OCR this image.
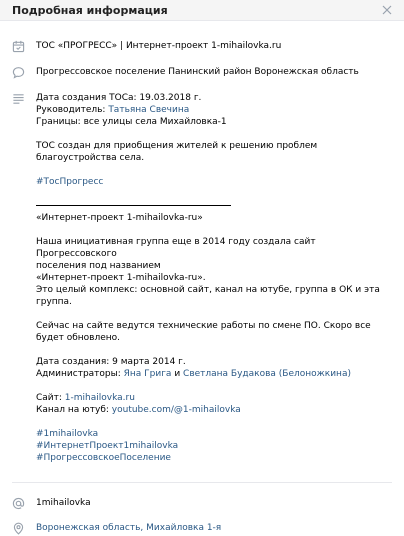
Подробная информация
ТОС «ПРОГРЕСС» | Интернет-проект 1-mihailovka.ru
Прогрессовское поселение Панинский район Воронежская область
Дата создания ТОСа: 19.03.2018 г.
Руководитель: Татьяна Свечина
Границы: все улицы села Михайловка-1
ТОС создан для приобщения жителей к решению проблем благоустройства села.
#ТосПрогресс
«Интернет-проект 1-mihailovka-ru»
Наша инициативная группа еще в 2014 году создала сайт Прогрессовского
поселения под названием
«Интернет-проект 1-mihailovka-ru».
Это целый комплекс: основной сайт, канал на ютубе, группа в ОК и эта
группа.
Сейчас на сайте ведутся технические работы по смене ПО. Скоро все будет обновлено.
Дата создания: 9 марта 2014 г.
Администраторы: Яна Грига и Светлана Будакова (Белоножкина)
Сайт: 1-mihailovka.ru
Канал на ютуб: youtube.com/@1-mihailovka
#1mihailovka
#ИнтернетПроект1mihailovka
#ПрогрессовскоеПоселение
1mihailovka
Воронежская область, Михайловка 1-я
